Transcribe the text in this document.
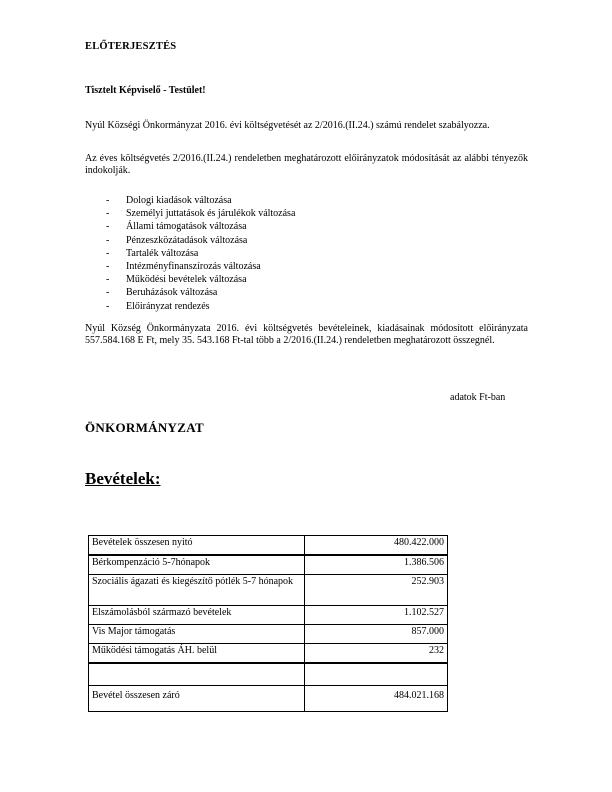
ELŐTERJESZTÉS
Tisztelt Képviselő - Testület!
Nyúl Községi Önkormányzat 2016. évi költségvetését az 2/2016.(II.24.) számú rendelet szabályozza.
Az éves költségvetés 2/2016.(II.24.) rendeletben meghatározott előirányzatok módosítását az alábbi tényezők indokolják.
- Dologi kiadások változása
- Személyi juttatások és járulékok változása
- Állami támogatások változása
- Pénzeszközátadások változása
- Tartalék változása
- Intézményfinanszírozás változása
- Működési bevételek változása
- Beruházások változása
- Előirányzat rendezés
Nyúl Község Önkormányzata 2016. évi költségvetés bevételeinek, kiadásainak módosított előirányzata 557.584.168 E Ft, mely 35. 543.168 Ft-tal több a 2/2016.(II.24.) rendeletben meghatározott összegnél.
adatok Ft-ban
ÖNKORMÁNYZAT
Bevételek:
Bevételek összesen nyitó	480.422.000
Bérkompenzáció 5-7hónapok	1.386.506
Szociális ágazati és kiegészítő pótlék 5-7 hónapok	252.903
Elszámolásból származó bevételek	1.102.527
Vis Major támogatás	857.000
Működési támogatás ÁH. belül	232

Bevétel összesen záró	484.021.168
